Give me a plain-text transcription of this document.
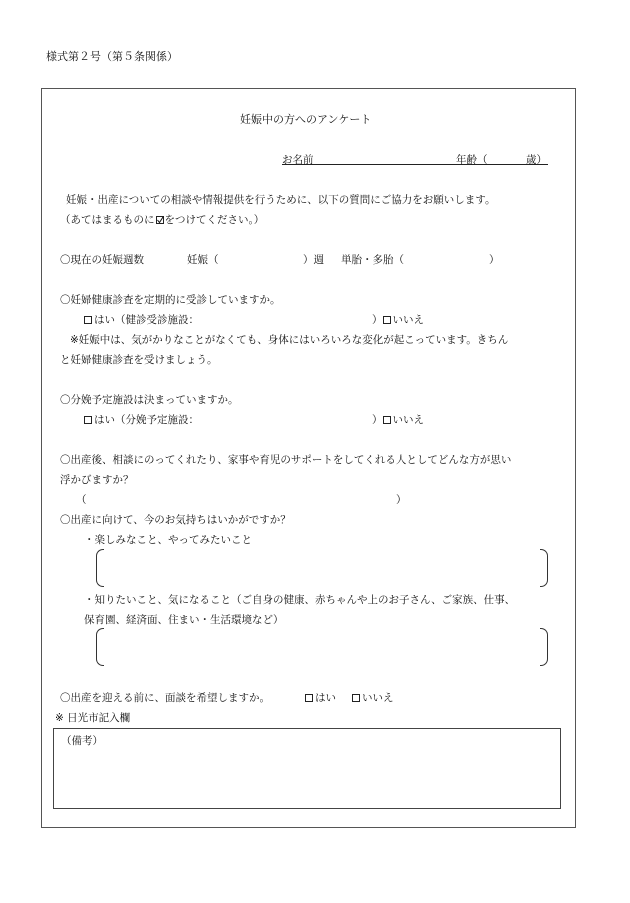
様式第２号（第５条関係）
妊娠中の方へのアンケート
お名前	年齢（	歳）
妊娠・出産についての相談や情報提供を行うために、以下の質問にご協力をお願いします。
（あてはまるものに をつけてください。）
〇現在の妊娠週数	妊娠（	）週 単胎・多胎（	）
〇妊婦健康診査を定期的に受診していますか。
はい（健診受診施設：	） いいえ
※妊娠中は、気がかりなことがなくても、身体にはいろいろな変化が起こっています。きちん
と妊婦健康診査を受けましょう。
〇分娩予定施設は決まっていますか。
はい（分娩予定施設：	） いいえ
〇出産後、相談にのってくれたり、家事や育児のサポートをしてくれる人としてどんな方が思い
浮かびますか？
（	）
〇出産に向けて、今のお気持ちはいかがですか？
・楽しみなこと、やってみたいこと
・知りたいこと、気になること（ご自身の健康、赤ちゃんや上のお子さん、ご家族、仕事、
保育園、経済面、住まい・生活環境など）
〇出産を迎える前に、面談を希望しますか。	はい	いいえ
※ 日光市記入欄
（備考）
